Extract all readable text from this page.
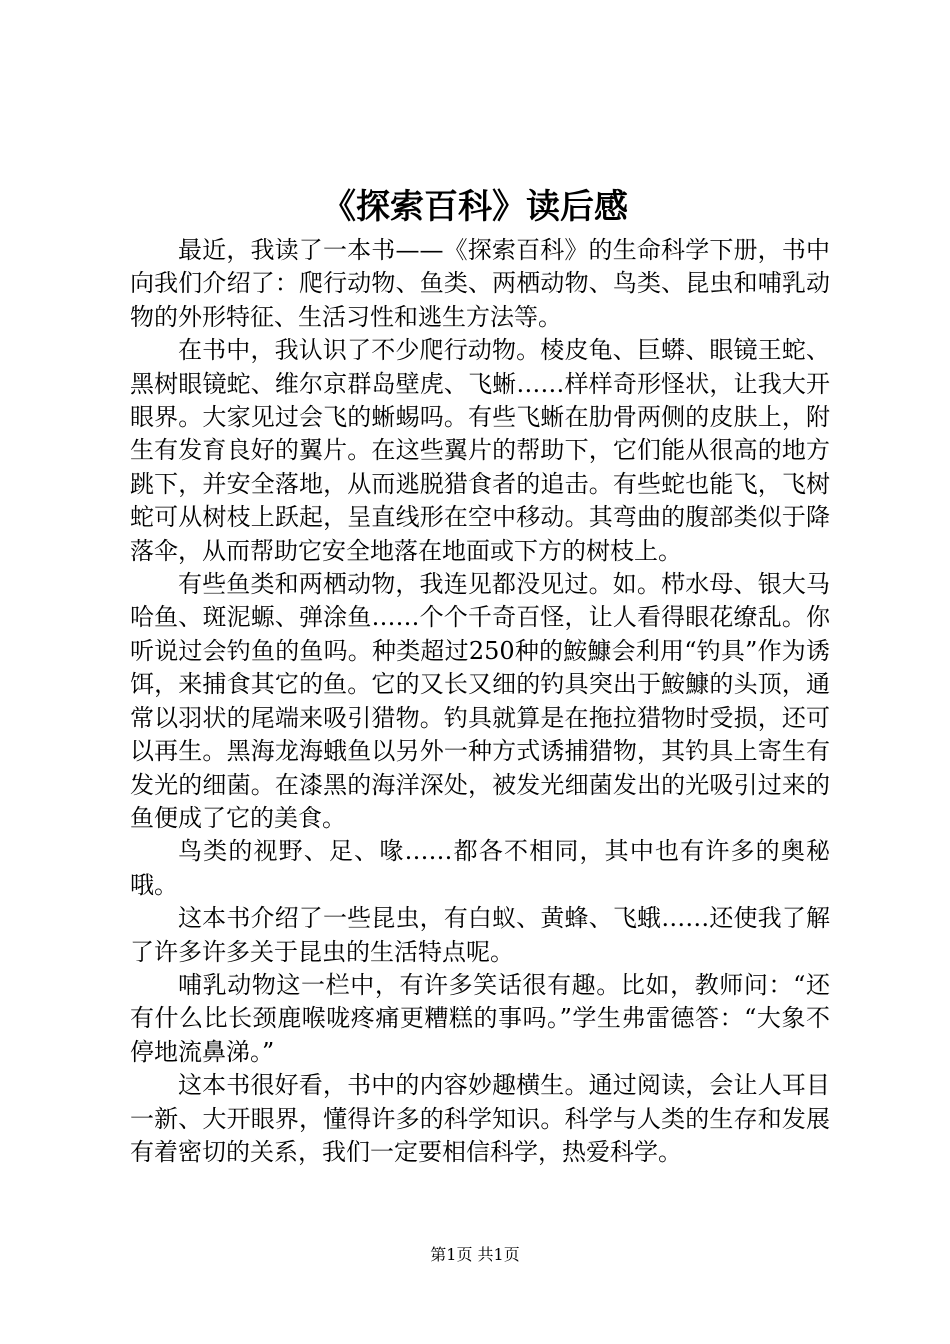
《探索百科》读后感

最近，我读了一本书——《探索百科》的生命科学下册，书中向我们介绍了：爬行动物、鱼类、两栖动物、鸟类、昆虫和哺乳动物的外形特征、生活习性和逃生方法等。

在书中，我认识了不少爬行动物。棱皮龟、巨蟒、眼镜王蛇、黑树眼镜蛇、维尔京群岛壁虎、飞蜥……样样奇形怪状，让我大开眼界。大家见过会飞的蜥蜴吗。有些飞蜥在肋骨两侧的皮肤上，附生有发育良好的翼片。在这些翼片的帮助下，它们能从很高的地方跳下，并安全落地，从而逃脱猎食者的追击。有些蛇也能飞，飞树蛇可从树枝上跃起，呈直线形在空中移动。其弯曲的腹部类似于降落伞，从而帮助它安全地落在地面或下方的树枝上。

有些鱼类和两栖动物，我连见都没见过。如。栉水母、银大马哈鱼、斑泥螈、弹涂鱼……个个千奇百怪，让人看得眼花缭乱。你听说过会钓鱼的鱼吗。种类超过250种的鮟鱇会利用“钓具”作为诱饵，来捕食其它的鱼。它的又长又细的钓具突出于鮟鱇的头顶，通常以羽状的尾端来吸引猎物。钓具就算是在拖拉猎物时受损，还可以再生。黑海龙海蛾鱼以另外一种方式诱捕猎物，其钓具上寄生有发光的细菌。在漆黑的海洋深处，被发光细菌发出的光吸引过来的鱼便成了它的美食。

鸟类的视野、足、喙……都各不相同，其中也有许多的奥秘哦。

这本书介绍了一些昆虫，有白蚁、黄蜂、飞蛾……还使我了解了许多许多关于昆虫的生活特点呢。

哺乳动物这一栏中，有许多笑话很有趣。比如，教师问：“还有什么比长颈鹿喉咙疼痛更糟糕的事吗。”学生弗雷德答：“大象不停地流鼻涕。”

这本书很好看，书中的内容妙趣横生。通过阅读，会让人耳目一新、大开眼界，懂得许多的科学知识。科学与人类的生存和发展有着密切的关系，我们一定要相信科学，热爱科学。

第1页 共1页
